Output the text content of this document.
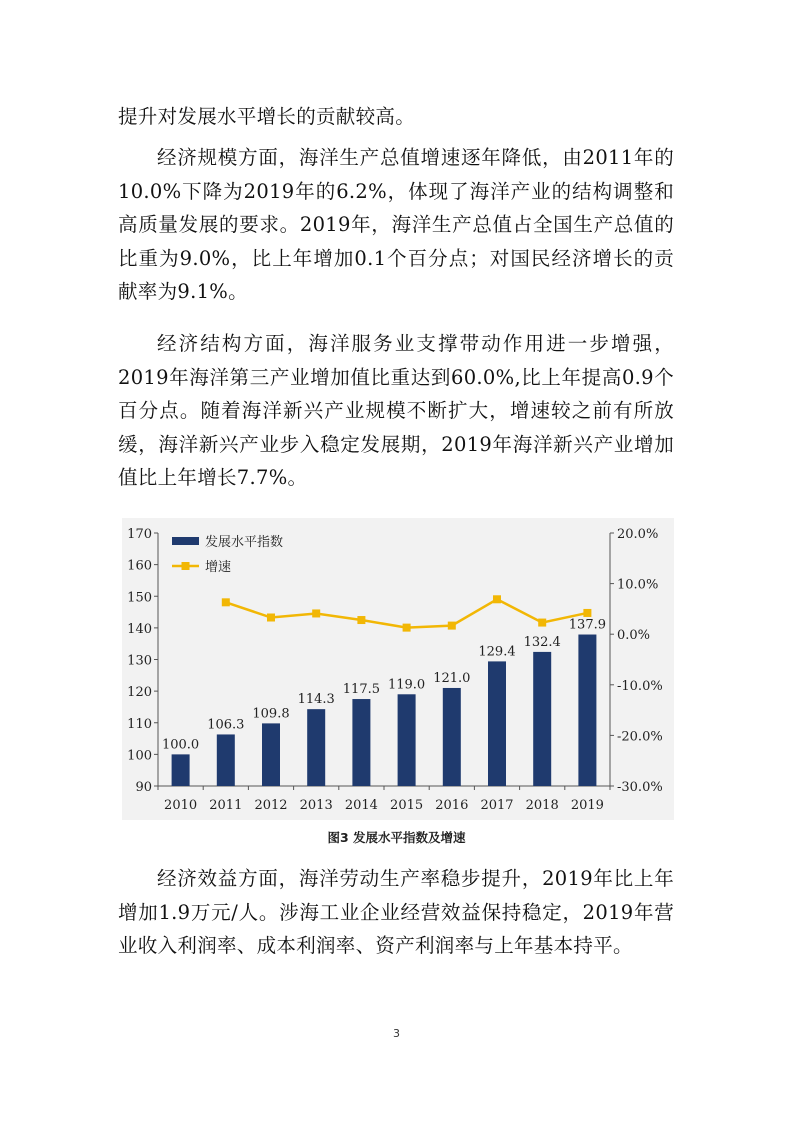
提升对发展水平增长的贡献较高。

经济规模方面，海洋生产总值增速逐年降低，由2011年的10.0%下降为2019年的6.2%，体现了海洋产业的结构调整和高质量发展的要求。2019年，海洋生产总值占全国生产总值的比重为9.0%，比上年增加0.1个百分点；对国民经济增长的贡献率为9.1%。

经济结构方面，海洋服务业支撑带动作用进一步增强，2019年海洋第三产业增加值比重达到60.0%,比上年提高0.9个百分点。随着海洋新兴产业规模不断扩大，增速较之前有所放缓，海洋新兴产业步入稳定发展期，2019年海洋新兴产业增加值比上年增长7.7%。

100.0
106.3
109.8
114.3
117.5 119.0 121.0
129.4
132.4
137.9
90
100
110
120
130
140
150
160
170
-30.0%
-20.0%
-10.0%
0.0%
10.0%
20.0%
2010 2011 2012 2013 2014 2015 2016 2017 2018 2019
发展水平指数
增速
图3 发展水平指数及增速

经济效益方面，海洋劳动生产率稳步提升，2019年比上年增加1.9万元/人。涉海工业企业经营效益保持稳定，2019年营业收入利润率、成本利润率、资产利润率与上年基本持平。

3
